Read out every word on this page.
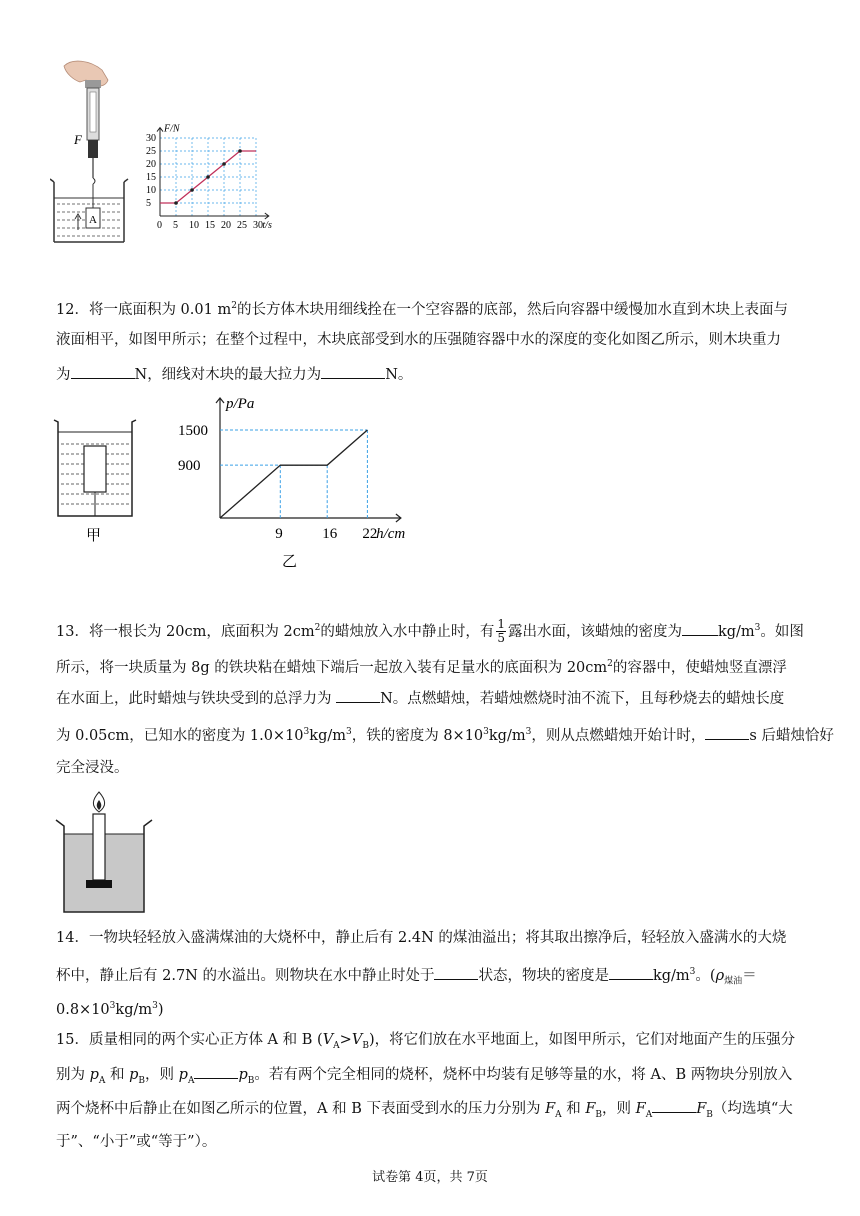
F
A	0 5 10 15 20 25 30
5
10
15
20
25
30
F/N
t/s
12．将一底面积为 0.01 $m^2$的长方体木块用细线拴在一个空容器的底部，然后向容器中缓慢加水直到木块上表面与
液面相平，如图甲所示；在整个过程中，木块底部受到水的压强随容器中水的深度的变化如图乙所示，则木块重力
为	N，细线对木块的最大拉力为	N。
甲	9	16 22
900
1500
p/Pa
h/cm
乙
13．将一根长为 20cm，底面积为 $2cm^2$的蜡烛放入水中静止时，有 $\frac{1}{5}$ 露出水面，该蜡烛的密度为 $kg/m^3$。如图
所示，将一块质量为 8g 的铁块粘在蜡烛下端后一起放入装有足量水的底面积为 $20cm^2$的容器中，使蜡烛竖直漂浮
在水面上，此时蜡烛与铁块受到的总浮力为	N。点燃蜡烛，若蜡烛燃烧时油不流下，且每秒烧去的蜡烛长度
为 0.05cm，已知水的密度为 $1.0\times 10^3kg/m^3$，铁的密度为 $8\times 10^3kg/m^3$，则从点燃蜡烛开始计时，	s 后蜡烛恰好
完全浸没。
14．一物块轻轻放入盛满煤油的大烧杯中，静止后有 2.4N 的煤油溢出；将其取出擦净后，轻轻放入盛满水的大烧
杯中，静止后有 2.7N 的水溢出。则物块在水中静止时处于	状态，物块的密度是	$kg/m^3$。($\rho_{煤油}=$
$0.8\times 10^3kg/m^3$)
15．质量相同的两个实心正方体 A 和 B $(V_A>V_B)$，将它们放在水平地面上，如图甲所示，它们对地面产生的压强分
别为 $p_A$ 和 $p_B$，则 $p_A$	$p_B$。若有两个完全相同的烧杯，烧杯中均装有足够等量的水，将 A、B 两物块分别放入
两个烧杯中后静止在如图乙所示的位置，A 和 B 下表面受到水的压力分别为 $F_A$ 和 $F_B$，则 $F_A$	$F_B$（均选填“大
于”、“小于”或“等于”）。
试卷第 4页，共 7页
